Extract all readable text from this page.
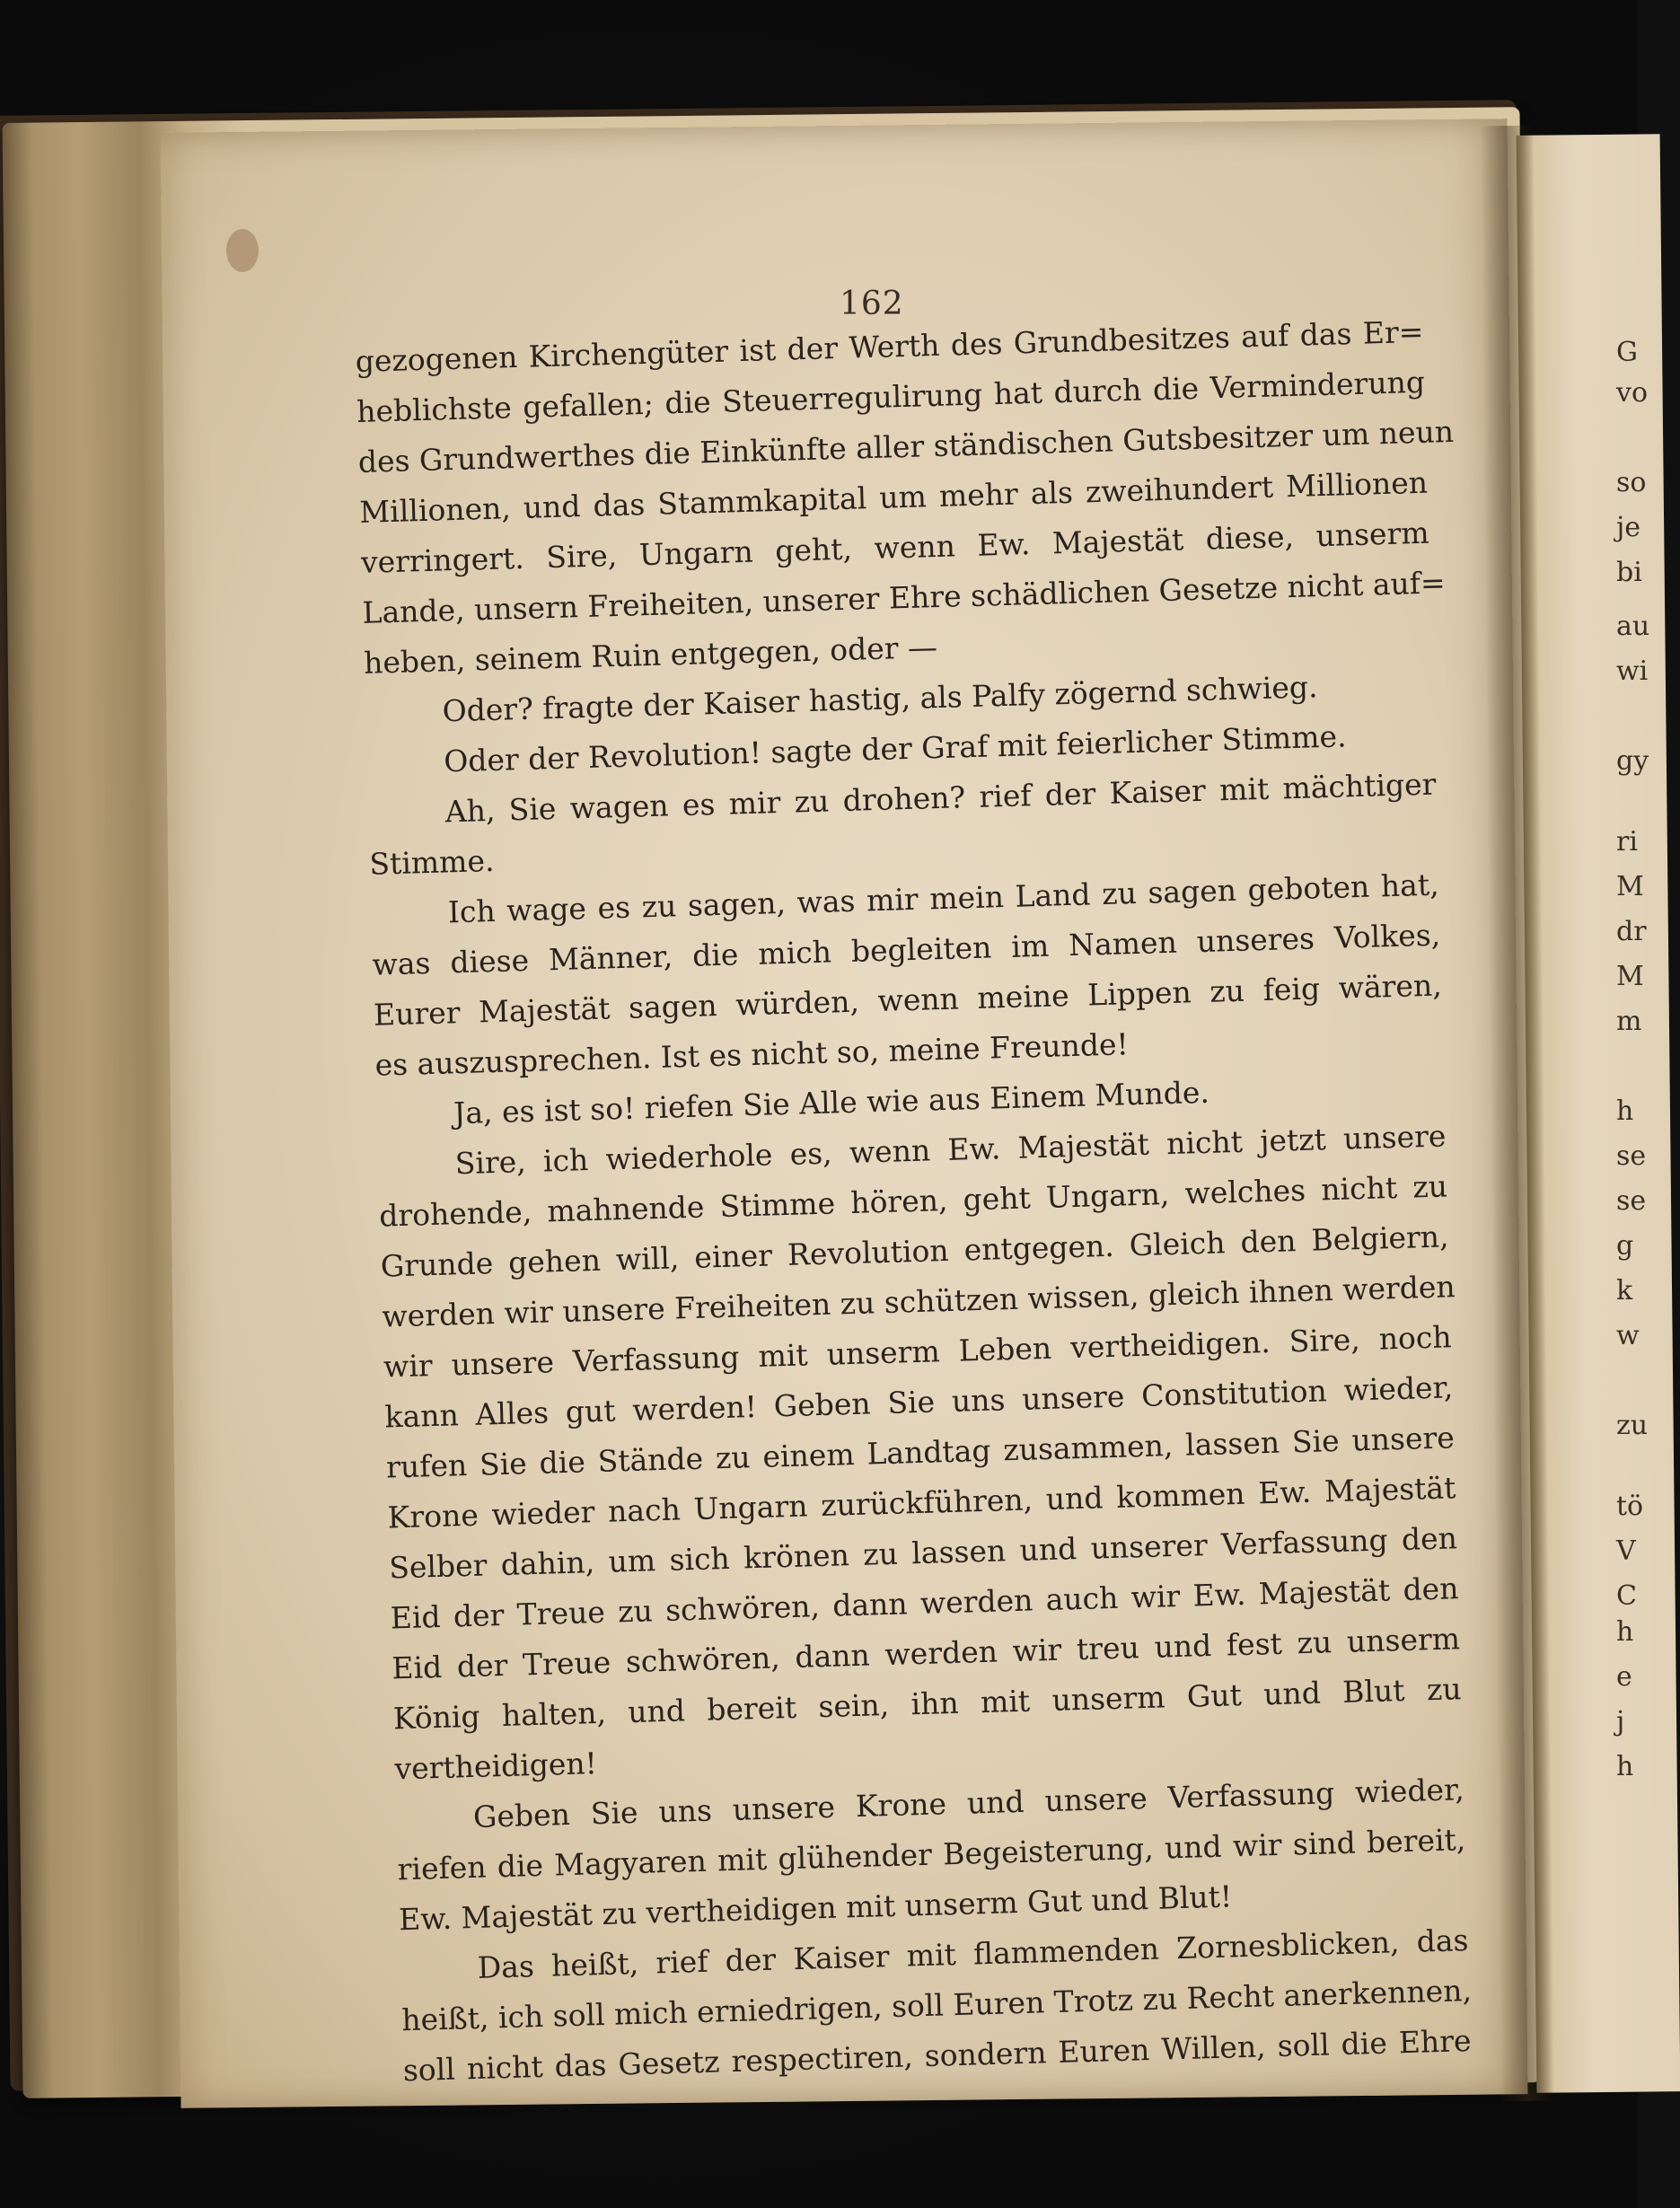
162
gezogenen Kirchengüter ist der Werth des Grundbesitzes auf das Er=
heblichste gefallen; die Steuerregulirung hat durch die Verminderung
des Grundwerthes die Einkünfte aller ständischen Gutsbesitzer um neun
Millionen, und das Stammkapital um mehr als zweihundert Millionen
verringert. Sire, Ungarn geht, wenn Ew. Majestät diese, unserm
Lande, unsern Freiheiten, unserer Ehre schädlichen Gesetze nicht auf=
heben, seinem Ruin entgegen, oder —
Oder? fragte der Kaiser hastig, als Palfy zögernd schwieg.
Oder der Revolution! sagte der Graf mit feierlicher Stimme.
Ah, Sie wagen es mir zu drohen? rief der Kaiser mit mächtiger
Stimme.
Ich wage es zu sagen, was mir mein Land zu sagen geboten hat,
was diese Männer, die mich begleiten im Namen unseres Volkes,
Eurer Majestät sagen würden, wenn meine Lippen zu feig wären,
es auszusprechen. Ist es nicht so, meine Freunde!
Ja, es ist so! riefen Sie Alle wie aus Einem Munde.
Sire, ich wiederhole es, wenn Ew. Majestät nicht jetzt unsere
drohende, mahnende Stimme hören, geht Ungarn, welches nicht zu
Grunde gehen will, einer Revolution entgegen. Gleich den Belgiern,
werden wir unsere Freiheiten zu schützen wissen, gleich ihnen werden
wir unsere Verfassung mit unserm Leben vertheidigen. Sire, noch
kann Alles gut werden! Geben Sie uns unsere Constitution wieder,
rufen Sie die Stände zu einem Landtag zusammen, lassen Sie unsere
Krone wieder nach Ungarn zurückführen, und kommen Ew. Majestät
Selber dahin, um sich krönen zu lassen und unserer Verfassung den
Eid der Treue zu schwören, dann werden auch wir Ew. Majestät den
Eid der Treue schwören, dann werden wir treu und fest zu unserm
König halten, und bereit sein, ihn mit unserm Gut und Blut zu
vertheidigen!
Geben Sie uns unsere Krone und unsere Verfassung wieder,
riefen die Magyaren mit glühender Begeisterung, und wir sind bereit,
Ew. Majestät zu vertheidigen mit unserm Gut und Blut!
Das heißt, rief der Kaiser mit flammenden Zornesblicken, das
heißt, ich soll mich erniedrigen, soll Euren Trotz zu Recht anerkennen,
soll nicht das Gesetz respectiren, sondern Euren Willen, soll die Ehre
G
vo
so
je
bi
au
wi
gy
ri
M
dr
M
m
h
se
se
g
k
w
zu
tö
V
C
h
e
j
h
